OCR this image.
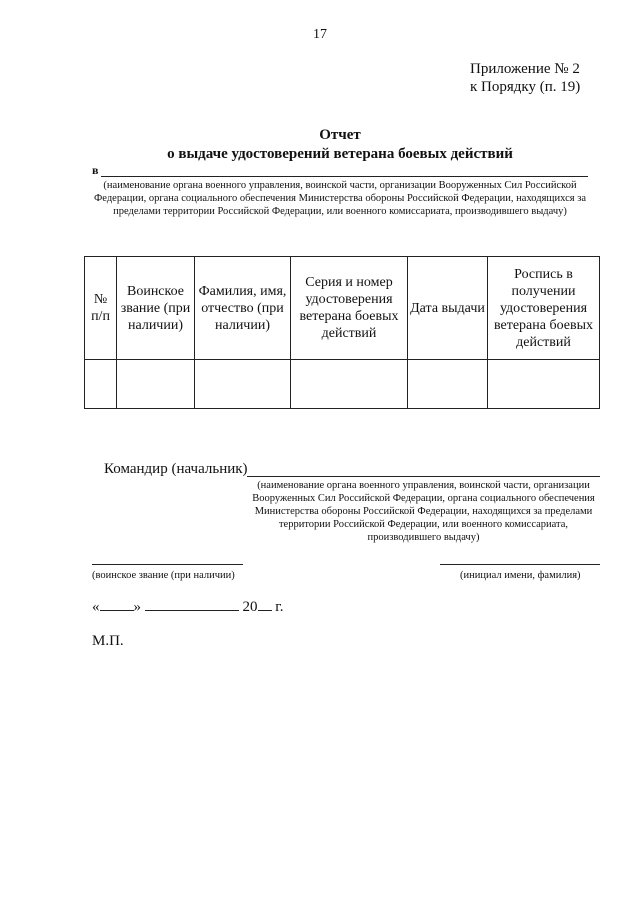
17
Приложение № 2
к Порядку (п. 19)
Отчет
о выдаче удостоверений ветерана боевых действий
в
(наименование органа военного управления, воинской части, организации Вооруженных Сил Российской Федерации, органа социального обеспечения Министерства обороны Российской Федерации, находящихся за пределами территории Российской Федерации, или военного комиссариата, производившего выдачу)
№ п/п	Воинское звание (при наличии)	Фамилия, имя, отчество (при наличии)	Серия и номер удостоверения ветерана боевых действий	Дата выдачи	Роспись в получении удостоверения ветерана боевых действий

Командир (начальник)
(наименование органа военного управления, воинской части, организации Вооруженных Сил Российской Федерации, органа социального обеспечения Министерства обороны Российской Федерации, находящихся за пределами территории Российской Федерации, или военного комиссариата, производившего выдачу)
(воинское звание (при наличии)	(инициал имени, фамилия)
« »	20 г.
М.П.
